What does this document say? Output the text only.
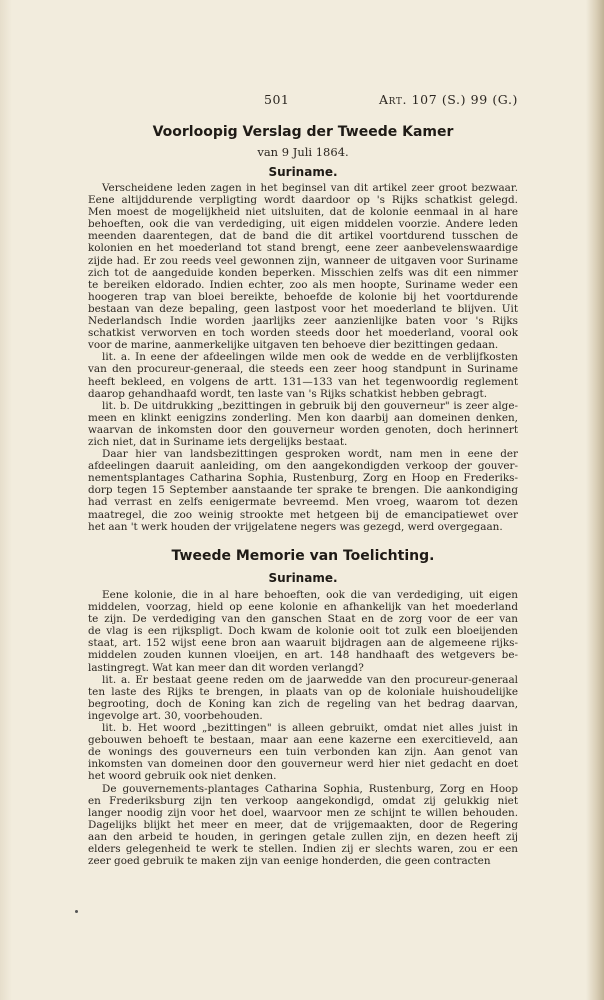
501	Art. 107 (S.) 99 (G.)
Voorloopig Verslag der Tweede Kamer
van 9 Juli 1864.
Suriname.
Verscheidene leden zagen in het beginsel van dit artikel zeer groot bezwaar.
Eene altijddurende verpligting wordt daardoor op 's Rijks schatkist gelegd.
Men moest de mogelijkheid niet uitsluiten, dat de kolonie eenmaal in al hare
behoeften, ook die van verdediging, uit eigen middelen voorzie. Andere leden
meenden daarentegen, dat de band die dit artikel voortdurend tusschen de
kolonien en het moederland tot stand brengt, eene zeer aanbevelenswaardige
zijde had. Er zou reeds veel gewonnen zijn, wanneer de uitgaven voor Suriname
zich tot de aangeduide konden beperken. Misschien zelfs was dit een nimmer
te bereiken eldorado. Indien echter, zoo als men hoopte, Suriname weder een
hoogeren trap van bloei bereikte, behoefde de kolonie bij het voortdurende
bestaan van deze bepaling, geen lastpost voor het moederland te blijven. Uit
Nederlandsch Indie worden jaarlijks zeer aanzienlijke baten voor 's Rijks
schatkist verworven en toch worden steeds door het moederland, vooral ook
voor de marine, aanmerkelijke uitgaven ten behoeve dier bezittingen gedaan.
lit. a. In eene der afdeelingen wilde men ook de wedde en de verblijfkosten
van den procureur-generaal, die steeds een zeer hoog standpunt in Suriname
heeft bekleed, en volgens de artt. 131—133 van het tegenwoordig reglement
daarop gehandhaafd wordt, ten laste van 's Rijks schatkist hebben gebragt.
lit. b. De uitdrukking „bezittingen in gebruik bij den gouverneur" is zeer alge-
meen en klinkt eenigzins zonderling. Men kon daarbij aan domeinen denken,
waarvan de inkomsten door den gouverneur worden genoten, doch herinnert
zich niet, dat in Suriname iets dergelijks bestaat.
Daar hier van landsbezittingen gesproken wordt, nam men in eene der
afdeelingen daaruit aanleiding, om den aangekondigden verkoop der gouver-
nementsplantages Catharina Sophia, Rustenburg, Zorg en Hoop en Frederiks-
dorp tegen 15 September aanstaande ter sprake te brengen. Die aankondiging
had verrast en zelfs eenigermate bevreemd. Men vroeg, waarom tot dezen
maatregel, die zoo weinig strookte met hetgeen bij de emancipatiewet over
het aan 't werk houden der vrijgelatene negers was gezegd, werd overgegaan.
Tweede Memorie van Toelichting.
Suriname.
Eene kolonie, die in al hare behoeften, ook die van verdediging, uit eigen
middelen, voorzag, hield op eene kolonie en afhankelijk van het moederland
te zijn. De verdediging van den ganschen Staat en de zorg voor de eer van
de vlag is een rijkspligt. Doch kwam de kolonie ooit tot zulk een bloeijenden
staat, art. 152 wijst eene bron aan waaruit bijdragen aan de algemeene rijks-
middelen zouden kunnen vloeijen, en art. 148 handhaaft des wetgevers be-
lastingregt. Wat kan meer dan dit worden verlangd?
lit. a. Er bestaat geene reden om de jaarwedde van den procureur-generaal
ten laste des Rijks te brengen, in plaats van op de koloniale huishoudelijke
begrooting, doch de Koning kan zich de regeling van het bedrag daarvan,
ingevolge art. 30, voorbehouden.
lit. b. Het woord „bezittingen" is alleen gebruikt, omdat niet alles juist in
gebouwen behoeft te bestaan, maar aan eene kazerne een exercitieveld, aan
de wonings des gouverneurs een tuin verbonden kan zijn. Aan genot van
inkomsten van domeinen door den gouverneur werd hier niet gedacht en doet
het woord gebruik ook niet denken.
De gouvernements-plantages Catharina Sophia, Rustenburg, Zorg en Hoop
en Frederiksburg zijn ten verkoop aangekondigd, omdat zij gelukkig niet
langer noodig zijn voor het doel, waarvoor men ze schijnt te willen behouden.
Dagelijks blijkt het meer en meer, dat de vrijgemaakten, door de Regering
aan den arbeid te houden, in geringen getale zullen zijn, en dezen heeft zij
elders gelegenheid te werk te stellen. Indien zij er slechts waren, zou er een
zeer goed gebruik te maken zijn van eenige honderden, die geen contracten
